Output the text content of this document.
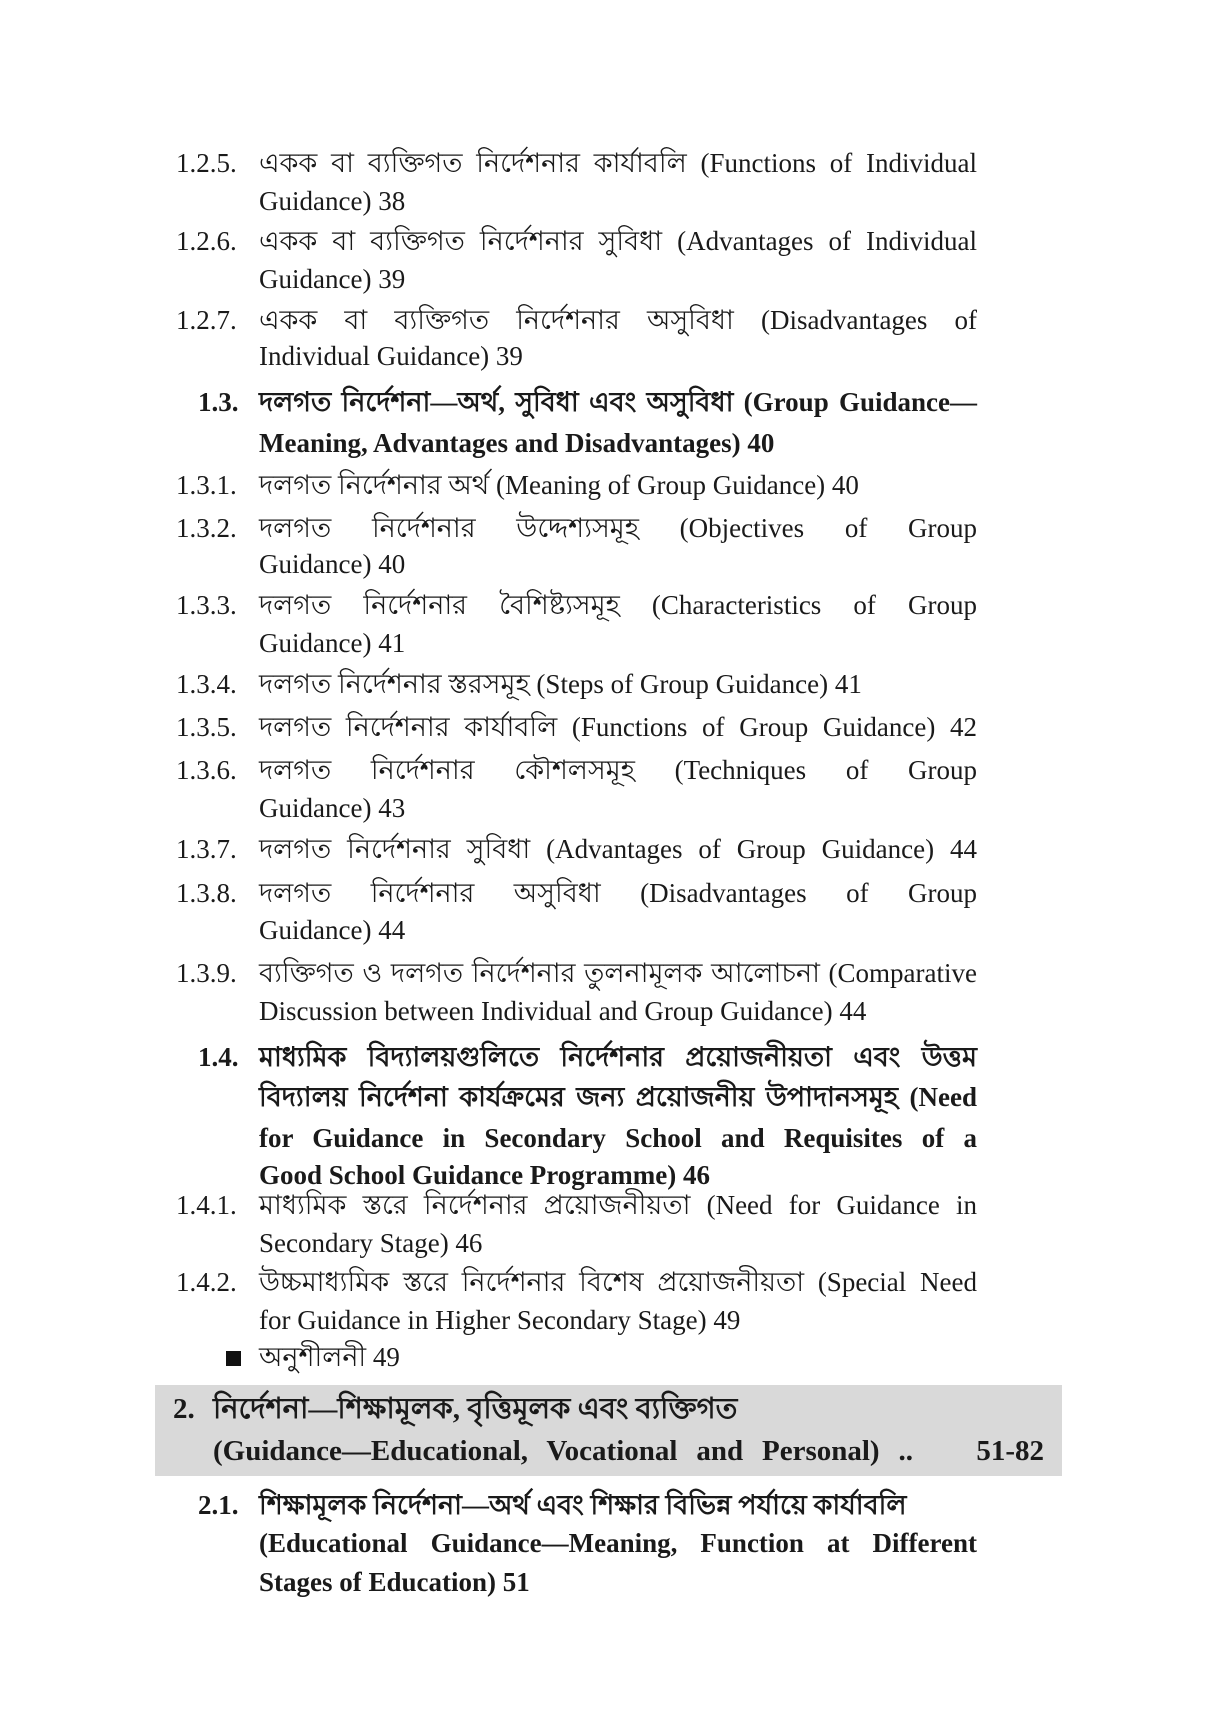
1.2.5. একক বা ব্যক্তিগত নির্দেশনার কার্যাবলি (Functions of Individual
Guidance) 38
1.2.6. একক বা ব্যক্তিগত নির্দেশনার সুবিধা (Advantages of Individual
Guidance) 39
1.2.7. একক বা ব্যক্তিগত নির্দেশনার অসুবিধা (Disadvantages of
Individual Guidance) 39
1.3. দলগত নির্দেশনা—অর্থ, সুবিধা এবং অসুবিধা (Group Guidance—
Meaning, Advantages and Disadvantages) 40
1.3.1. দলগত নির্দেশনার অর্থ (Meaning of Group Guidance) 40
1.3.2. দলগত নির্দেশনার উদ্দেশ্যসমূহ (Objectives of Group
Guidance) 40
1.3.3. দলগত নির্দেশনার বৈশিষ্ট্যসমূহ (Characteristics of Group
Guidance) 41
1.3.4. দলগত নির্দেশনার স্তরসমূহ (Steps of Group Guidance) 41
1.3.5. দলগত নির্দেশনার কার্যাবলি (Functions of Group Guidance) 42
1.3.6. দলগত নির্দেশনার কৌশলসমূহ (Techniques of Group
Guidance) 43
1.3.7. দলগত নির্দেশনার সুবিধা (Advantages of Group Guidance) 44
1.3.8. দলগত নির্দেশনার অসুবিধা (Disadvantages of Group
Guidance) 44
1.3.9. ব্যক্তিগত ও দলগত নির্দেশনার তুলনামূলক আলোচনা (Comparative
Discussion between Individual and Group Guidance) 44
1.4. মাধ্যমিক বিদ্যালয়গুলিতে নির্দেশনার প্রয়োজনীয়তা এবং উত্তম
বিদ্যালয় নির্দেশনা কার্যক্রমের জন্য প্রয়োজনীয় উপাদানসমূহ (Need
for Guidance in Secondary School and Requisites of a
Good School Guidance Programme) 46
1.4.1. মাধ্যমিক স্তরে নির্দেশনার প্রয়োজনীয়তা (Need for Guidance in
Secondary Stage) 46
1.4.2. উচ্চমাধ্যমিক স্তরে নির্দেশনার বিশেষ প্রয়োজনীয়তা (Special Need
for Guidance in Higher Secondary Stage) 49
অনুশীলনী 49
2. নির্দেশনা—শিক্ষামূলক, বৃত্তিমূলক এবং ব্যক্তিগত
(Guidance—Educational, Vocational and Personal) .. 51-82
2.1. শিক্ষামূলক নির্দেশনা—অর্থ এবং শিক্ষার বিভিন্ন পর্যায়ে কার্যাবলি
(Educational Guidance—Meaning, Function at Different
Stages of Education) 51
